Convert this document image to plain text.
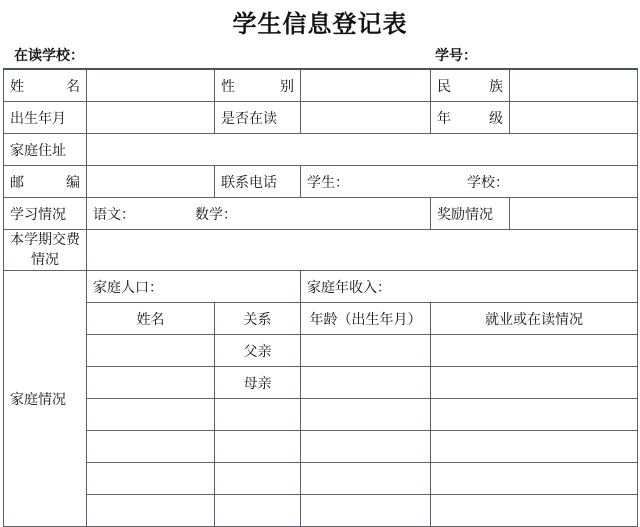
学生信息登记表
在读学校：	学号：
姓 名		性 别		民 族	
出生年月		是否在读		年 级	
家庭住址					
邮 编		联系电话	学生： 学校：		
学习情况	语文： 数学：			奖励情况	
本学期交费情况					
家庭情况	家庭人口：		家庭年收入：		
	姓名	关系	年龄（出生年月）	就业或在读情况	
		父亲			
		母亲			
